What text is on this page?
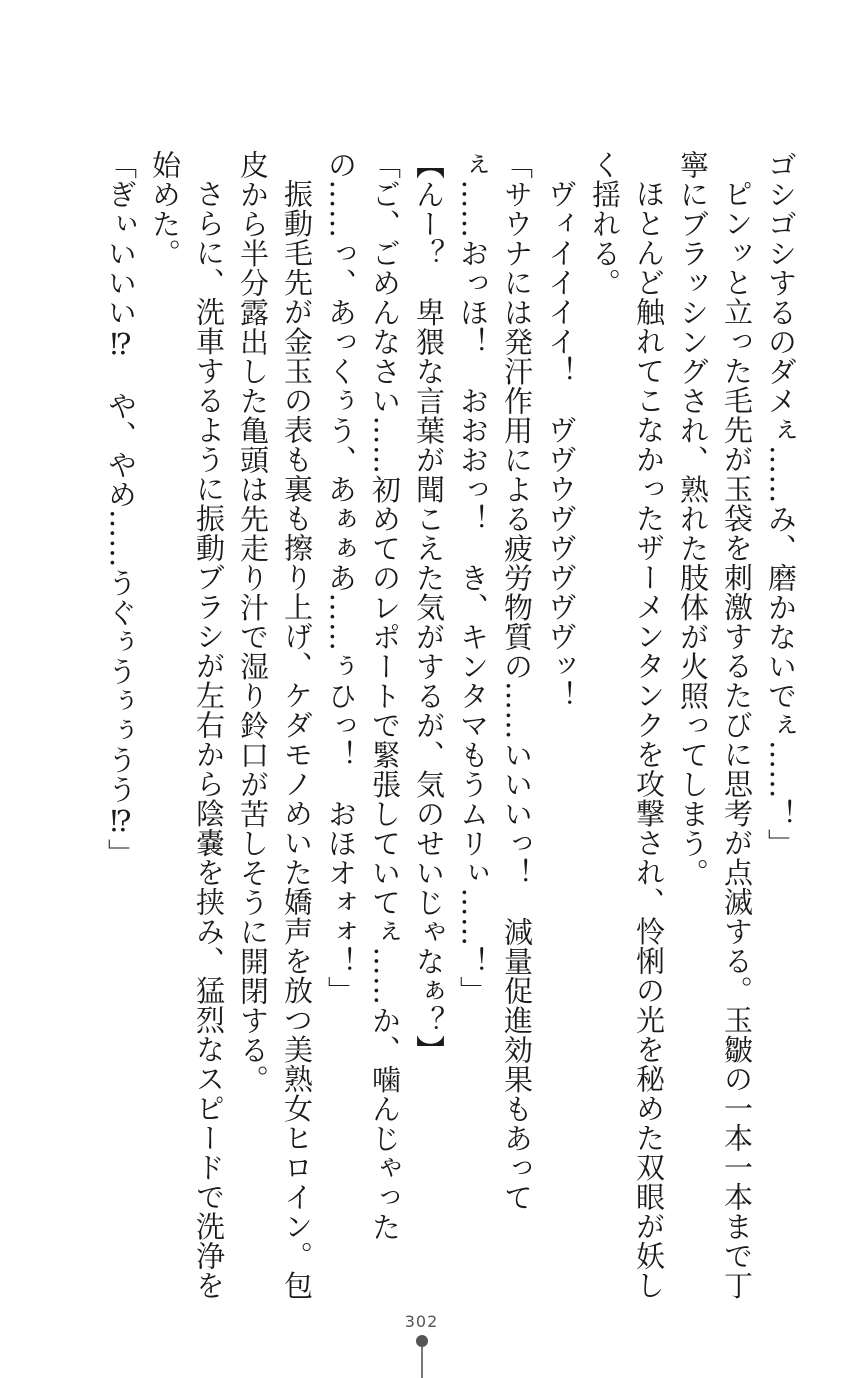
ゴシゴシするのダメぇ……み、磨かないでぇ……！」

ピンッと立った毛先が玉袋を刺激するたびに思考が点滅する。玉皺の一本一本まで丁寧にブラッシングされ、熟れた肢体が火照ってしまう。

ほとんど触れてこなかったザーメンタンクを攻撃され、怜悧の光を秘めた双眼が妖しく揺れる。

ヴィイイイイ！　ヴヴウヴヴヴヴヴッ！

「サウナには発汗作用による疲労物質の……いいいっ！　減量促進効果もあってぇ……おっほ！　おおおっ！　き、キンタマもうムリぃ……！」

【んー？　卑猥な言葉が聞こえた気がするが、気のせいじゃなぁ？】

「ご、ごめんなさい……初めてのレポートで緊張していてぇ……か、噛んじゃったの……っ、あっくぅう、あぁぁあ……ぅひっ！　おほオォォ！」

振動毛先が金玉の表も裏も擦り上げ、ケダモノめいた嬌声を放つ美熟女ヒロイン。包皮から半分露出した亀頭は先走り汁で湿り鈴口が苦しそうに開閉する。

さらに、洗車するように振動ブラシが左右から陰嚢を挟み、猛烈なスピードで洗浄を始めた。

「ぎぃいいい⁉　や、やめ……うぐぅうぅぅうう⁉」

302
